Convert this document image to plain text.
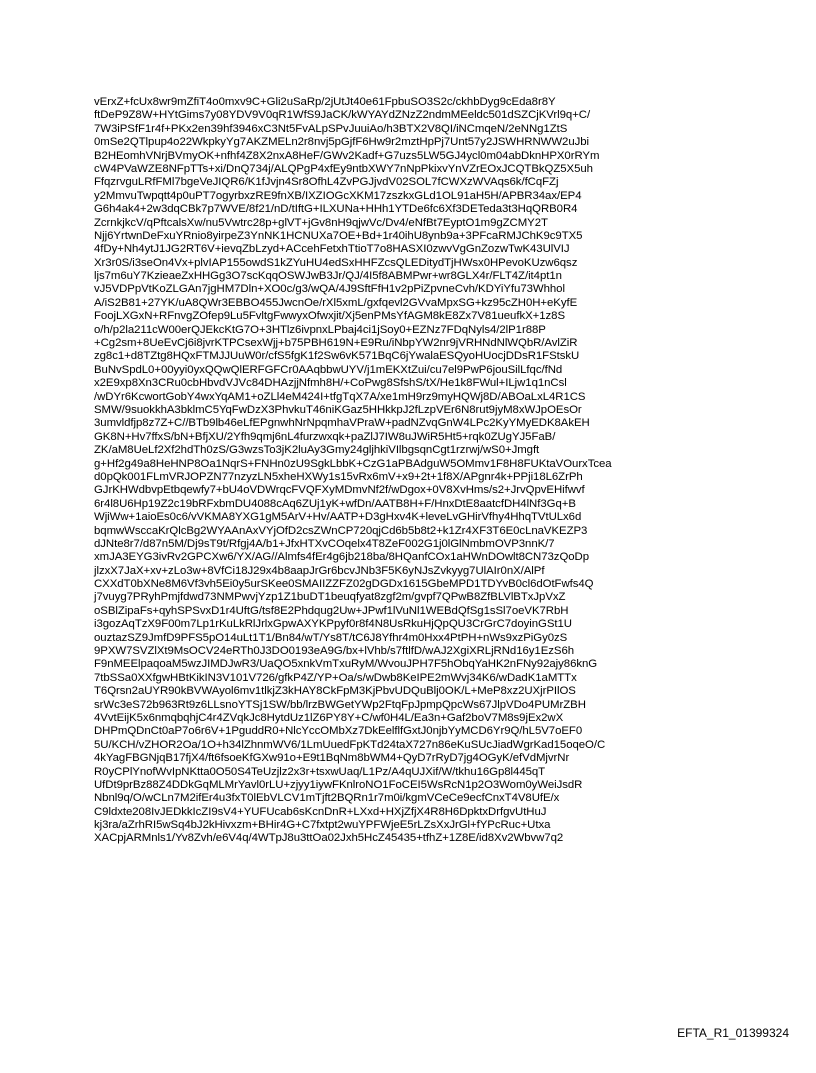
vErxZ+fcUx8wr9mZfiT4o0mxv9C+Gli2uSaRp/2jUtJt40e61FpbuSO3S2c/ckhbDyg9cEda8r8Y
ftDeP9Z8W+HYtGims7y08YDV9V0qR1WfS9JaCK/kWYAYdZNzZ2ndmMEeldc501dSZCjKVrl9q+C/
7W3iPSfF1r4f+PKx2en39hf3946xC3Nt5FvALpSPvJuuiAo/h3BTX2V8QI/iNCmqeN/2eNNg1ZtS
0mSe2QTlpup4o22WkpkyYg7AKZMELn2r8nvj5pGjfF6Hw9r2mztHpPj7Unt57y2JSWHRNWW2uJbi
B2HEomhVNrjBVmyOK+nfhf4Z8X2nxA8HeF/GWv2Kadf+G7uzs5LW5GJ4ycl0m04abDknHPX0rRYm
cW4PVaWZE8NFpTTs+xi/DnQ734j/ALQPgP4xfEy9ntbXWY7nNpPkixvYnVZrEOxJCQTBkQZ5X5uh
FfqzrvguLRfFMl7bgeVeJIQR6/K1fJvjn4Sr8OfhL4ZvPGJjvdV02SOL7fCWXzWVAqs6k/fCqFZj
y2MmvuTwpqtt4p0uPT7ogyrbxzRE9fnXB/IXZIOGcXKM17zszkxGLd1OL91aH5H/APBR34ax/EP4
G6h4ak4+2w3dqCBk7p7WVE/8f21/nD/tIftG+ILXUNa+HHh1YTDe6fc6Xf3DETeda3t3HqQRB0R4
ZcrnkjkcV/qPftcalsXw/nu5Vwtrc28p+glVT+jGv8nH9qjwVc/Dv4/eNfBt7EyptO1m9gZCMY2T
Njj6YrtwnDeFxuYRnio8yirpeZ3YnNK1HCNUXa7OE+Bd+1r40ihU8ynb9a+3PFcaRMJChK9c9TX5
4fDy+Nh4ytJ1JG2RT6V+ievqZbLzyd+ACcehFetxhTtioT7o8HASXI0zwvVgGnZozwTwK43UlVIJ
Xr3r0S/i3seOn4Vx+plvIAP155owdS1kZYuHU4edSxHHFZcsQLEDitydTjHWsx0HPevoKUzw6qsz
ljs7m6uY7KzieaeZxHHGg3O7scKqqOSWJwB3Jr/QJ/4I5f8ABMPwr+wr8GLX4r/FLT4Z/it4pt1n
vJ5VDPpVtKoZLGAn7jgHM7Dln+XO0c/g3/wQA/4J9SftFfH1v2pPiZpvneCvh/KDYiYfu73Whhol
A/iS2B81+27YK/uA8QWr3EBBO455JwcnOe/rXl5xmL/gxfqevl2GVvaMpxSG+kz95cZH0H+eKyfE
FoojLXGxN+RFnvgZOfep9Lu5FvltgFwwyxOfwxjit/Xj5enPMsYfAGM8kE8Zx7V81ueufkX+1z8S
o/h/p2la211cW00erQJEkcKtG7O+3HTlz6ivpnxLPbaj4ci1jSoy0+EZNz7FDqNyls4/2lP1r88P
+Cg2sm+8UeEvCj6i8jvrKTPCsexWjj+b75PBH619N+E9Ru/iNbpYW2nr9jVRHNdNlWQbR/AvlZiR
zg8c1+d8TZtg8HQxFTMJJUuW0r/cfS5fgK1f2Sw6vK571BqC6jYwalaESQyoHUocjDDsR1FStskU
BuNvSpdL0+00yyi0yxQQwQlERFGFCr0AAqbbwUYV/j1mEKXtZui/cu7el9PwP6jouSilLfqc/fNd
x2E9xp8Xn3CRu0cbHbvdVJVc84DHAzjjNfmh8H/+CoPwg8SfshS/tX/He1k8FWul+ILjw1q1nCsl
/wDYr6KcwortGobY4wxYqAM1+oZLl4eM424I+tfgTqX7A/xe1mH9rz9myHQWj8D/ABOaLxL4R1CS
SMW/9suokkhA3bklmC5YqFwDzX3PhvkuT46niKGaz5HHkkpJ2fLzpVEr6N8rut9jyM8xWJpOEsOr
3umvldfjp8z7Z+C//BTb9lb46eLfEPgnwhNrNpqmhaVPraW+padNZvqGnW4LPc2KyYMyEDK8AkEH
GK8N+Hv7ffxS/bN+BfjXU/2Yfh9qmj6nL4furzwxqk+paZlJ7IW8uJWiR5Ht5+rqk0ZUgYJ5FaB/
ZK/aM8UeLf2Xf2hdTh0zS/G3wzsTo3jK2luAy3Gmy24gljhkiVIlbgsqnCgt1rzrwj/wS0+Jmgft
g+Hf2g49a8HeHNP8Oa1NqrS+FNHn0zU9SgkLbbK+CzG1aPBAdguW5OMmv1F8H8FUKtaVOurxTcea
d0pQk001FLmVRJOPZN77nzyzLN5xheHXWy1s15vRx6mV+x9+2t+1f8X/APgnr4k+PPji18L6ZrPh
GJrKHWdbvpEtbqewfy7+bU4oVDWrqcFVQFXyMDmvNf2f/wDgox+0V8XvHms/s2+JrvQpvEHifwvf
6r4l8U6Hp19Z2c19bRFxbmDU4088cAq6ZUj1yK+wfDn/AATB8H+F/HnxDtE8aatcfDH4lNf3Gq+B
WjiWw+1aioEs0c6/vVKMA8YXG1gM5ArV+Hv/AATP+D3gHxv4K+leveLvGHirVfhy4HhqTVtULx6d
bqmwWsccaKrQlcBg2WYAAnAxVYjOfD2csZWnCP720qjCd6b5b8t2+k1Zr4XF3T6E0cLnaVKEZP3
dJNte8r7/d87n5M/Dj9sT9t/Rfgj4A/b1+JfxHTXvCOqelx4T8ZeF002G1j0lGlNmbmOVP3nnK/7
xmJA3EYG3ivRv2GPCXw6/YX/AG//Almfs4fEr4g6jb218ba/8HQanfCOx1aHWnDOwlt8CN73zQoDp
jlzxX7JaX+xv+zLo3w+8VfCi18J29x4b8aapJrGr6bcvJNb3F5K6yNJsZvkyyg7UlAIr0nX/AlPf
CXXdT0bXNe8M6Vf3vh5Ei0y5urSKee0SMAIIZZFZ02gDGDx1615GbeMPD1TDYvB0cl6dOtFwfs4Q
j7vuyg7PRyhPmjfdwd73NMPwvjYzp1Z1buDT1beuqfyat8zgf2m/gvpf7QPwB8ZfBLVlBTxJpVxZ
oSBlZipaFs+qyhSPSvxD1r4UftG/tsf8E2Phdqug2Uw+JPwf1lVuNl1WEBdQfSg1sSl7oeVK7RbH
i3gozAqTzX9F00m7Lp1rKuLkRlJrlxGpwAXYKPpyf0r8f4N8UsRkuHjQpQU3CrGrC7doyinGSt1U
ouztazSZ9JmfD9PFS5pO14uLt1T1/Bn84/wT/Ys8T/tC6J8Yfhr4m0Hxx4PtPH+nWs9xzPiGy0zS
9PXW7SVZlXt9MsOCV24eRTh0J3DO0193eA9G/bx+lVhb/s7ftlfD/wAJ2XgiXRLjRNd16y1EzS6h
F9nMEElpaqoaM5wzJIMDJwR3/UaQO5xnkVmTxuRyM/WvouJPH7F5hObqYaHK2nFNy92ajy86knG
7tbSSa0XXfgwHBtKikIN3V101V726/gfkP4Z/YP+Oa/s/wDwb8KeIPE2mWvj34K6/wDadK1aMTTx
T6Qrsn2aUYR90kBVWAyol6mv1tlkjZ3kHAY8CkFpM3KjPbvUDQuBlj0OK/L+MeP8xz2UXjrPIlOS
srWc3eS72b963Rt9z6LLsnoYTSj1SW/bb/lrzBWGetYWp2FtqFpJpmpQpcWs67JlpVDo4PUMrZBH
4VvtEijK5x6nmqbqhjC4r4ZVqkJc8HytdUz1lZ6PY8Y+C/wf0H4L/Ea3n+Gaf2boV7M8s9jEx2wX
DHPmQDnCt0aP7o6r6V+1PguddR0+NlcYccOMbXz7DkEelflfGxtJ0njbYyMCD6Yr9Q/hL5V7oEF0
5U/KCH/vZHOR2Oa/1O+h34lZhnmWV6/1LmUuedFpKTd24taX727n86eKuSUcJiadWgrKad15oqeO/C
4kYagFBGNjqB17fjX4/ft6fsoeKfGXw91o+E9t1BqNm8bWM4+QyD7rRyD7jg4OGyK/efVdMjvrNr
R0yCPlYnofWvIpNKtta0O50S4TeUzjlz2x3r+tsxwUaq/L1Pz/A4qUJXif/W/tkhu16Gp8l445qT
UfDt9prBz88Z4DDkGqMLMrYavl0rLU+zjyy1iywFKnlroNO1FoCEI5WsRcN1p2O3Wom0yWeiJsdR
Nbnl9q/O/wCLn7M2ifEr4u3fxT0lEbVLCV1mTjft2BQRn1r7m0i/kgmVCeCe9ecfCnxT4V8UfE/x
C9ldxte208IvJEDkkIcZI9sV4+YUFUcab6sKcnDnR+LXxd+HXjZfjX4R8H6DpktxDrfgvUtHuJ
kj3ra/aZrhRI5wSq4bJ2kHivxzm+BHir4G+C7fxtpt2wuYPFWjeE5rLZsXxJrGl+fYPcRuc+Utxa
XACpjARMnls1/Yv8Zvh/e6V4q/4WTpJ8u3ttOa02Jxh5HcZ45435+tfhZ+1Z8E/id8Xv2Wbvw7q2
EFTA_R1_01399324
